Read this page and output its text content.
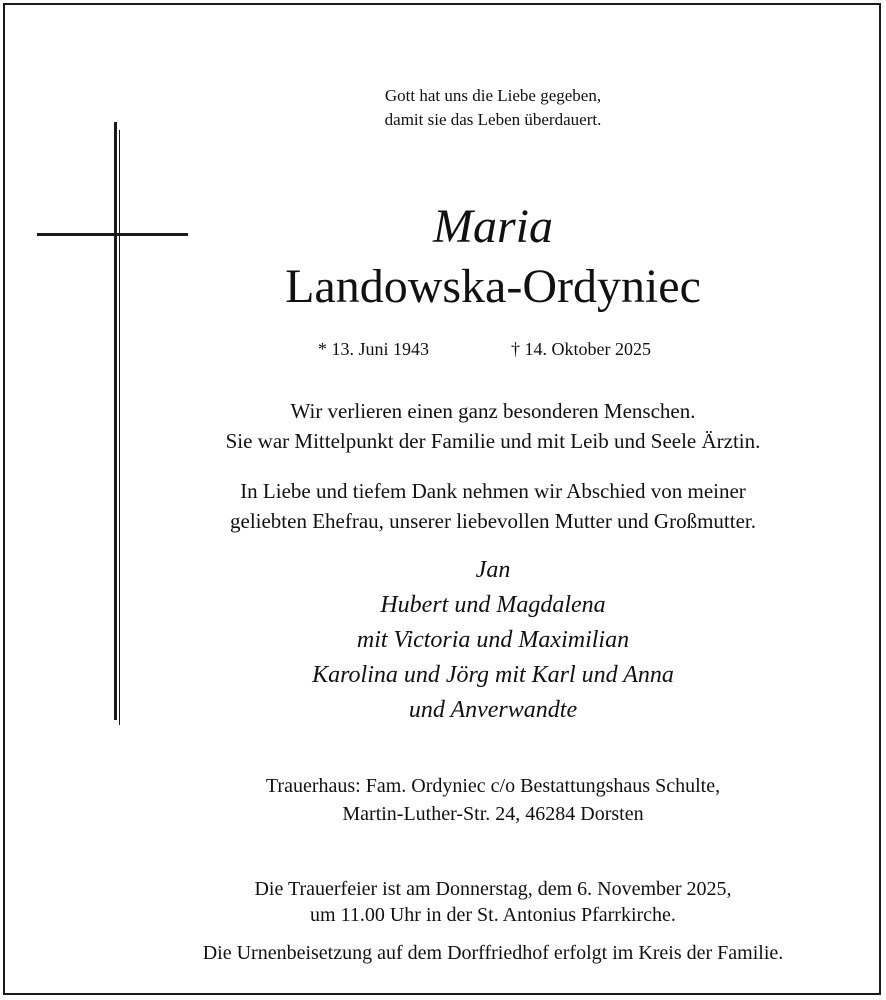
Gott hat uns die Liebe gegeben,
damit sie das Leben überdauert.
Maria
Landowska-Ordyniec
* 13. Juni 1943	† 14. Oktober 2025
Wir verlieren einen ganz besonderen Menschen.
Sie war Mittelpunkt der Familie und mit Leib und Seele Ärztin.
In Liebe und tiefem Dank nehmen wir Abschied von meiner
geliebten Ehefrau, unserer liebevollen Mutter und Großmutter.
Jan
Hubert und Magdalena
mit Victoria und Maximilian
Karolina und Jörg mit Karl und Anna
und Anverwandte
Trauerhaus: Fam. Ordyniec c/o Bestattungshaus Schulte,
Martin-Luther-Str. 24, 46284 Dorsten
Die Trauerfeier ist am Donnerstag, dem 6. November 2025,
um 11.00 Uhr in der St. Antonius Pfarrkirche.
Die Urnenbeisetzung auf dem Dorffriedhof erfolgt im Kreis der Familie.
